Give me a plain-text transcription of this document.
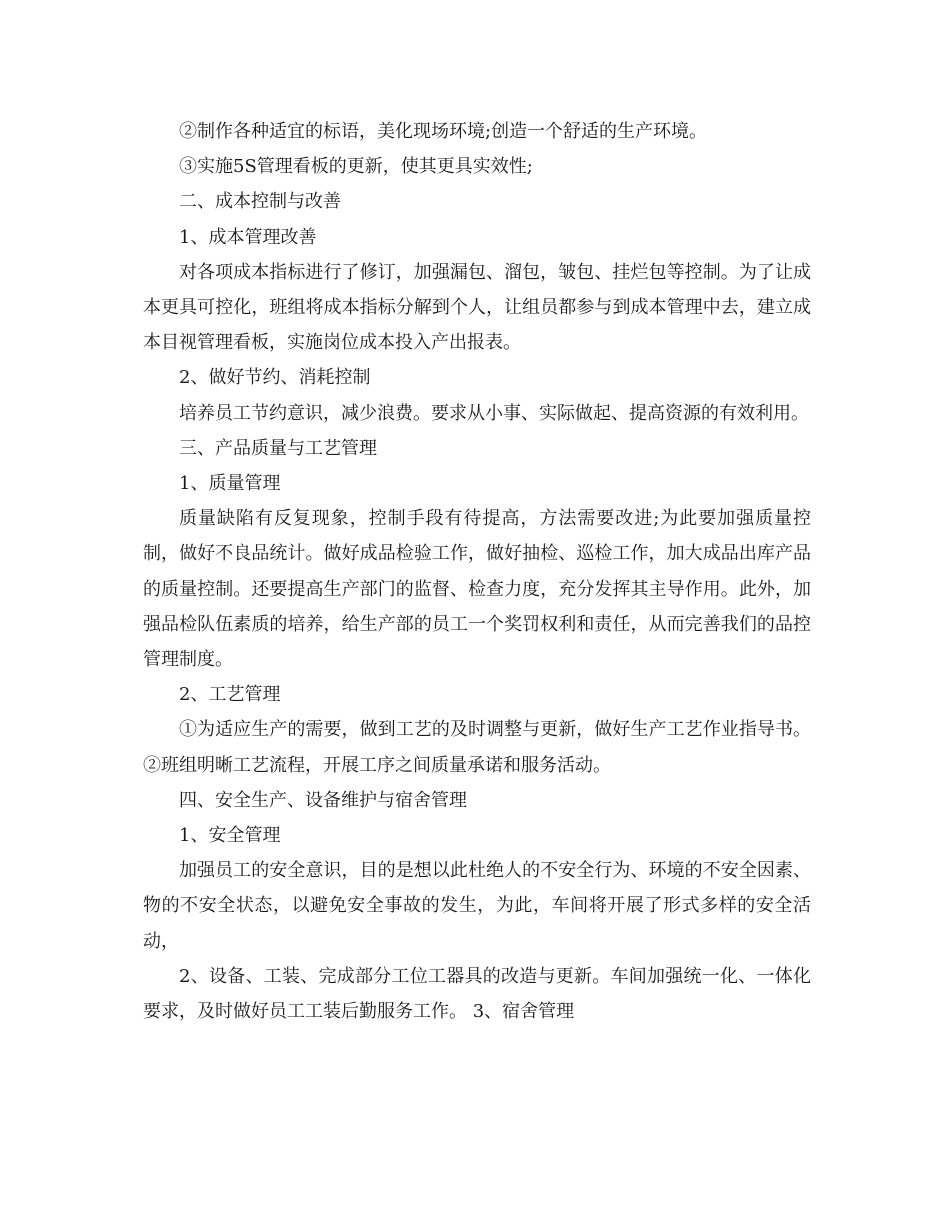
②制作各种适宜的标语，美化现场环境;创造一个舒适的生产环境。

③实施5S管理看板的更新，使其更具实效性;

二、成本控制与改善

1、成本管理改善

对各项成本指标进行了修订，加强漏包、溜包，皱包、挂烂包等控制。为了让成本更具可控化，班组将成本指标分解到个人，让组员都参与到成本管理中去，建立成本目视管理看板，实施岗位成本投入产出报表。

2、做好节约、消耗控制

培养员工节约意识，减少浪费。要求从小事、实际做起、提高资源的有效利用。

三、产品质量与工艺管理

1、质量管理

质量缺陷有反复现象，控制手段有待提高，方法需要改进;为此要加强质量控制，做好不良品统计。做好成品检验工作，做好抽检、巡检工作，加大成品出库产品的质量控制。还要提高生产部门的监督、检查力度，充分发挥其主导作用。此外，加强品检队伍素质的培养，给生产部的员工一个奖罚权利和责任，从而完善我们的品控管理制度。

2、工艺管理

①为适应生产的需要，做到工艺的及时调整与更新，做好生产工艺作业指导书。 ②班组明晰工艺流程，开展工序之间质量承诺和服务活动。

四、安全生产、设备维护与宿舍管理

1、安全管理

加强员工的安全意识，目的是想以此杜绝人的不安全行为、环境的不安全因素、物的不安全状态，以避免安全事故的发生，为此，车间将开展了形式多样的安全活动，

2、设备、工装、完成部分工位工器具的改造与更新。车间加强统一化、一体化要求，及时做好员工工装后勤服务工作。 3、宿舍管理
